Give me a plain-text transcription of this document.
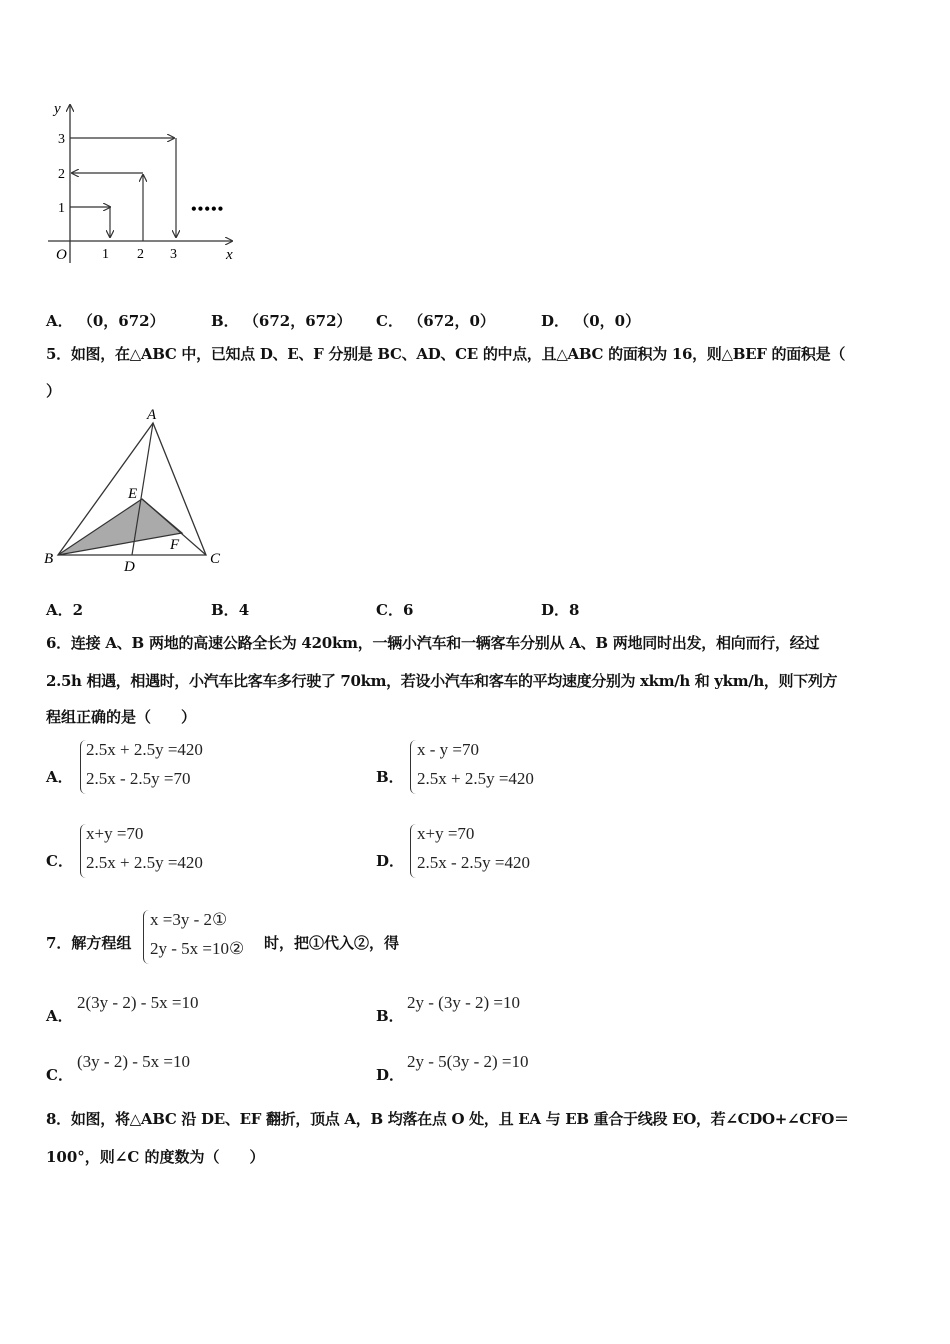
y
x
O
1
2
3
1 2 3
•••••
A． （0，672）	B． （672，672） C． （672，0）	D． （0，0）
5．如图，在△ABC 中，已知点 D、E、F 分别是 BC、AD、CE 的中点，且△ABC 的面积为 16，则△BEF 的面积是（
）
A
B	C
D
E
F
A．2	B．4	C．6	D．8
6．连接 A、B 两地的高速公路全长为 420km，一辆小汽车和一辆客车分别从 A、B 两地同时出发，相向而行，经过
2.5h 相遇，相遇时，小汽车比客车多行驶了 70km，若设小汽车和客车的平均速度分别为 xkm/h 和 ykm/h，则下列方
程组正确的是（　　）
A．
2.5x + 2.5y =420
2.5x - 2.5y =70	B．
x - y =70
2.5x + 2.5y =420
C．
x+y =70
2.5x + 2.5y =420	D．
x+y =70
2.5x - 2.5y =420
7．解方程组
x =3y - 2①
2y - 5x =10② 时，把①代入②，得
A．
2(3y - 2) - 5x =10
B．
2y - (3y - 2) =10
C．
(3y - 2) - 5x =10
D．
2y - 5(3y - 2) =10
8．如图，将△ABC 沿 DE、EF 翻折，顶点 A，B 均落在点 O 处，且 EA 与 EB 重合于线段 EO，若∠CDO+∠CFO＝
100°，则∠C 的度数为（　　）
